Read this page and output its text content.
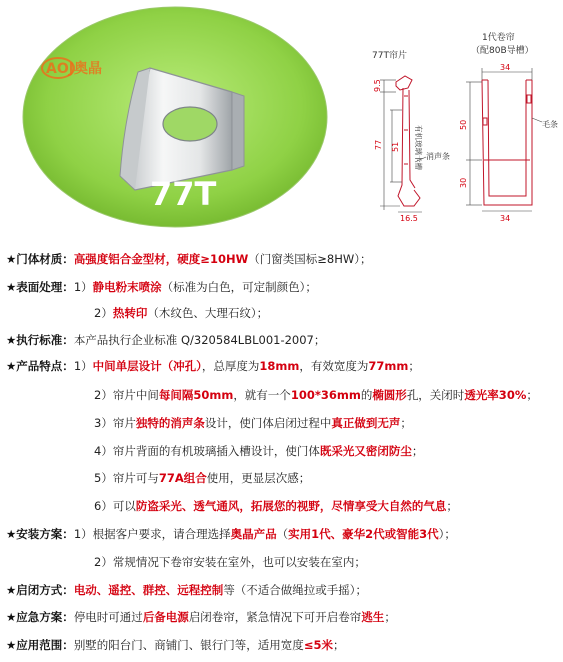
AOJ奥晶
77T
77T帘片
9.5
77 51
16.5
有机玻璃卡槽 消声条
1代卷帘
（配80B导槽）
34
50
30
34
毛条
★门体材质：高强度铝合金型材，硬度≥10HW（门窗类国标≥8HW）；
★表面处理：1）静电粉末喷涂（标准为白色，可定制颜色）；
2）热转印（木纹色、大理石纹）；
★执行标准：本产品执行企业标准 Q/320584LBL001-2007；
★产品特点：1）中间单层设计（冲孔），总厚度为18mm，有效宽度为77mm；
2）帘片中间每间隔50mm，就有一个100*36mm的椭圆形孔，关闭时透光率30%；
3）帘片独特的消声条设计，使门体启闭过程中真正做到无声；
4）帘片背面的有机玻璃插入槽设计，使门体既采光又密闭防尘；
5）帘片可与77A组合使用，更显层次感；
6）可以防盗采光、透气通风，拓展您的视野，尽情享受大自然的气息；
★安装方案：1）根据客户要求，请合理选择奥晶产品（实用1代、豪华2代或智能3代）；
2）常规情况下卷帘安装在室外，也可以安装在室内；
★启闭方式：电动、遥控、群控、远程控制等（不适合做绳拉或手摇）；
★应急方案：停电时可通过后备电源启闭卷帘，紧急情况下可开启卷帘逃生；
★应用范围：别墅的阳台门、商铺门、银行门等，适用宽度≤5米；
